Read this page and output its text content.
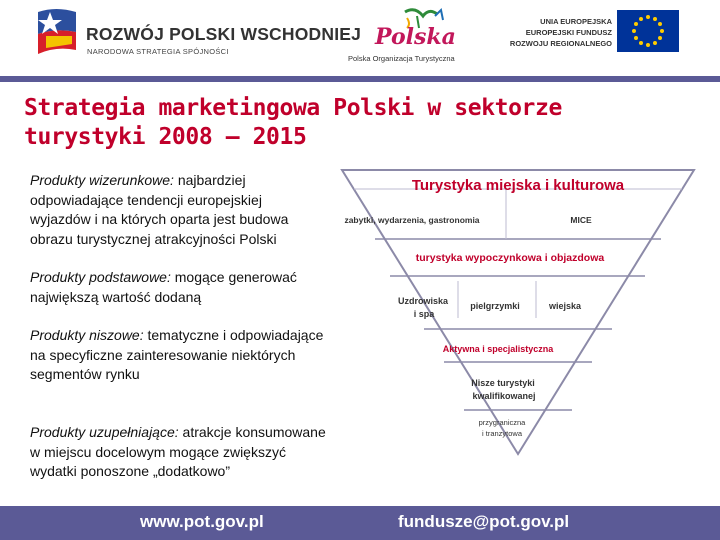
ROZWÓJ POLSKI WSCHODNIEJ
NARODOWA STRATEGIA SPÓJNOŚCI
Polska
Polska Organizacja Turystyczna
UNIA EUROPEJSKA
EUROPEJSKI FUNDUSZ
ROZWOJU REGIONALNEGO
Strategia marketingowa Polski w sektorze
turystyki 2008 – 2015
Produkty wizerunkowe: najbardziej odpowiadające tendencji europejskiej wyjazdów i na których oparta jest budowa obrazu turystycznej atrakcyjności Polski
Produkty podstawowe: mogące generować największą wartość dodaną
Produkty niszowe: tematyczne i odpowiadające na specyficzne zainteresowanie niektórych segmentów rynku
Produkty uzupełniające: atrakcje konsumowane w miejscu docelowym mogące zwiększyć wydatki ponoszone „dodatkowo”
Turystyka miejska i kulturowa
zabytki, wydarzenia, gastronomia	MICE
turystyka wypoczynkowa i objazdowa
Uzdrowiska
i spa
pielgrzymki	wiejska
Aktywna i specjalistyczna
Nisze turystyki
kwalifikowanej
przygraniczna
i tranzytowa
www.pot.gov.pl	fundusze@pot.gov.pl
